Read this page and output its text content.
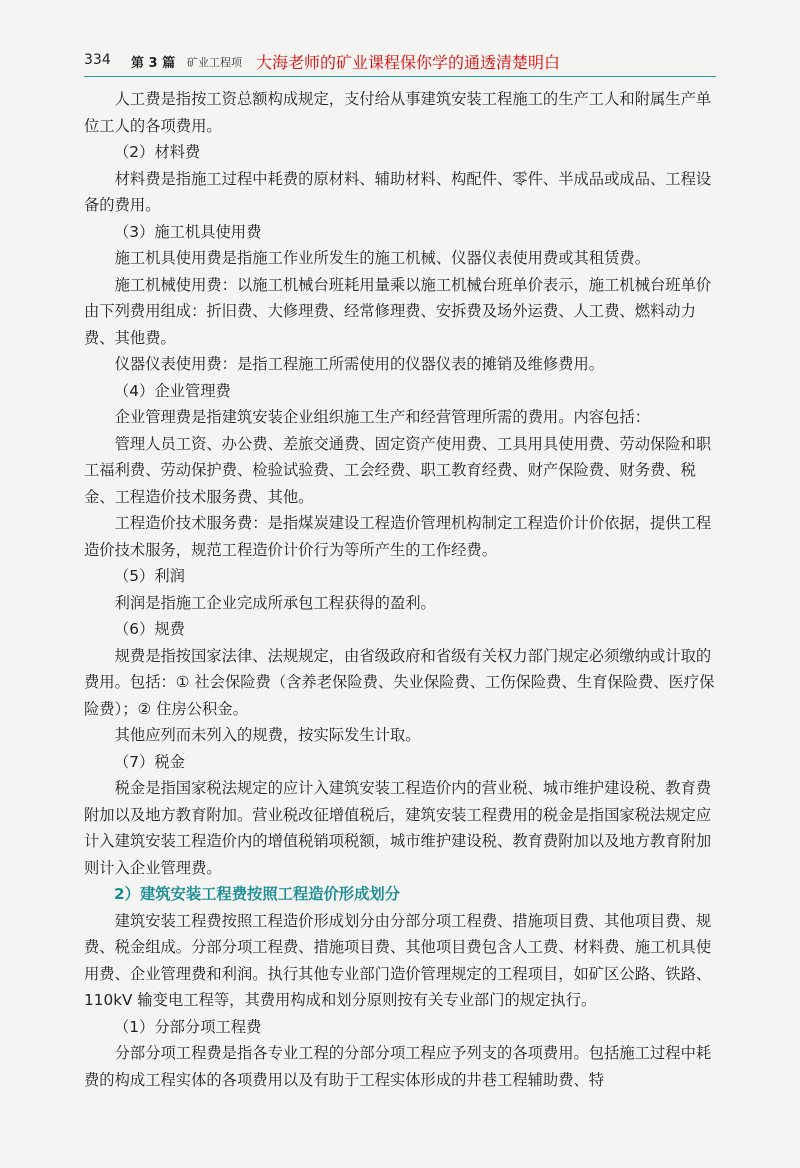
334 第 3 篇 矿业工程项 大海老师的矿业课程保你学的通透清楚明白

人工费是指按工资总额构成规定，支付给从事建筑安装工程施工的生产工人和附属生产单位工人的各项费用。

（2）材料费

材料费是指施工过程中耗费的原材料、辅助材料、构配件、零件、半成品或成品、工程设备的费用。

（3）施工机具使用费

施工机具使用费是指施工作业所发生的施工机械、仪器仪表使用费或其租赁费。

施工机械使用费：以施工机械台班耗用量乘以施工机械台班单价表示，施工机械台班单价由下列费用组成：折旧费、大修理费、经常修理费、安拆费及场外运费、人工费、燃料动力费、其他费。

仪器仪表使用费：是指工程施工所需使用的仪器仪表的摊销及维修费用。

（4）企业管理费

企业管理费是指建筑安装企业组织施工生产和经营管理所需的费用。内容包括：

管理人员工资、办公费、差旅交通费、固定资产使用费、工具用具使用费、劳动保险和职工福利费、劳动保护费、检验试验费、工会经费、职工教育经费、财产保险费、财务费、税金、工程造价技术服务费、其他。

工程造价技术服务费：是指煤炭建设工程造价管理机构制定工程造价计价依据，提供工程造价技术服务，规范工程造价计价行为等所产生的工作经费。

（5）利润

利润是指施工企业完成所承包工程获得的盈利。

（6）规费

规费是指按国家法律、法规规定，由省级政府和省级有关权力部门规定必须缴纳或计取的费用。包括：① 社会保险费（含养老保险费、失业保险费、工伤保险费、生育保险费、医疗保险费）；② 住房公积金。

其他应列而未列入的规费，按实际发生计取。

（7）税金

税金是指国家税法规定的应计入建筑安装工程造价内的营业税、城市维护建设税、教育费附加以及地方教育附加。营业税改征增值税后，建筑安装工程费用的税金是指国家税法规定应计入建筑安装工程造价内的增值税销项税额，城市维护建设税、教育费附加以及地方教育附加则计入企业管理费。

2）建筑安装工程费按照工程造价形成划分

建筑安装工程费按照工程造价形成划分由分部分项工程费、措施项目费、其他项目费、规费、税金组成。分部分项工程费、措施项目费、其他项目费包含人工费、材料费、施工机具使用费、企业管理费和利润。执行其他专业部门造价管理规定的工程项目，如矿区公路、铁路、110kV 输变电工程等，其费用构成和划分原则按有关专业部门的规定执行。

（1）分部分项工程费

分部分项工程费是指各专业工程的分部分项工程应予列支的各项费用。包括施工过程中耗费的构成工程实体的各项费用以及有助于工程实体形成的井巷工程辅助费、特
